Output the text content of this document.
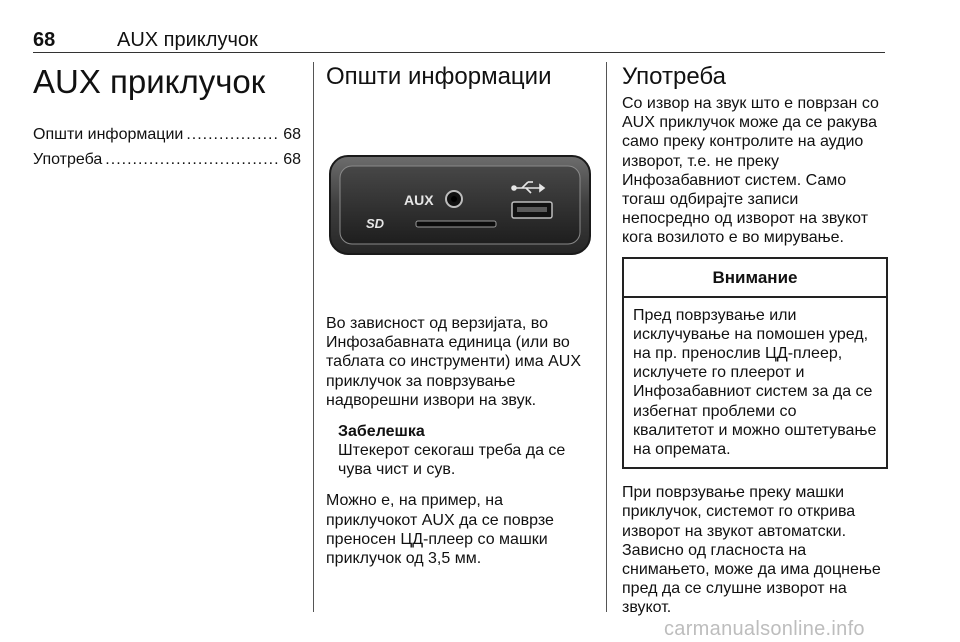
68	AUX приклучок
AUX приклучок
Општи информации .....	68
Употреба .....	68
Општи информации
AUX
SD

Во зависност од верзијата, во Инфозабавната единица (или во таблата со инструменти) има AUX приклучок за поврзување надворешни извори на звук.

Забелешка

Штекерот секогаш треба да се чува чист и сув.

Можно е, на пример, на приклучокот AUX да се поврзе преносен ЦД-плеер со машки приклучок од 3,5 мм.

Употреба

Со извор на звук што е поврзан со AUX приклучок може да се ракува само преку контролите на аудио изворот, т.е. не преку Инфозабавниот систем. Само тогаш одбирајте записи непосредно од изворот на звукот кога возилото е во мирување.

Внимание

Пред поврзување или исклучување на помошен уред, на пр. пренослив ЦД-плеер, исклучете го плеерот и Инфозабавниот систем за да се избегнат проблеми со квалитетот и можно оштетување на опремата.

При поврзување преку машки приклучок, системот го открива изворот на звукот автоматски. Зависно од гласноста на снимањето, може да има доцнење пред да се слушне изворот на звукот.

carmanualsonline.info
